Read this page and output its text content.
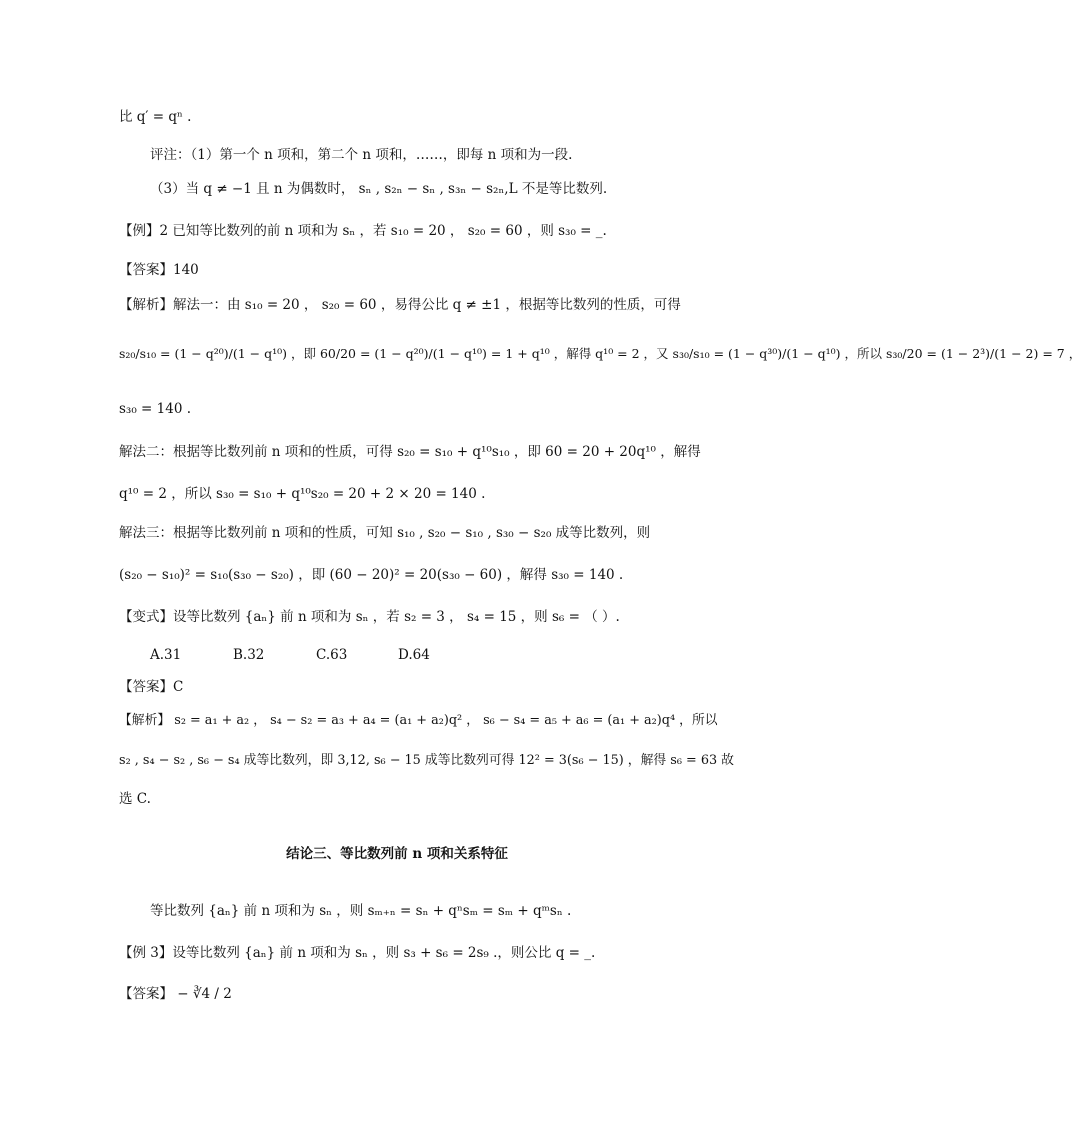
比 q′ = qⁿ .
评注：（1）第一个 n 项和，第二个 n 项和，……，即每 n 项和为一段.
（3）当 q ≠ −1 且 n 为偶数时， sₙ , s₂ₙ − sₙ , s₃ₙ − s₂ₙ,L 不是等比数列.
【例】2 已知等比数列的前 n 项和为 sₙ ，若 s₁₀ = 20 ， s₂₀ = 60 ，则 s₃₀ = _.
【答案】140
【解析】解法一：由 s₁₀ = 20 ， s₂₀ = 60 ，易得公比 q ≠ ±1 ，根据等比数列的性质，可得
s₂₀/s₁₀ = (1 − q²⁰)/(1 − q¹⁰) ，即 60/20 = (1 − q²⁰)/(1 − q¹⁰) = 1 + q¹⁰ ，解得 q¹⁰ = 2 ，又 s₃₀/s₁₀ = (1 − q³⁰)/(1 − q¹⁰) ，所以 s₃₀/20 = (1 − 2³)/(1 − 2) = 7 ，
s₃₀ = 140 .
解法二：根据等比数列前 n 项和的性质，可得 s₂₀ = s₁₀ + q¹⁰s₁₀ ，即 60 = 20 + 20q¹⁰ ，解得
q¹⁰ = 2 ，所以 s₃₀ = s₁₀ + q¹⁰s₂₀ = 20 + 2 × 20 = 140 .
解法三：根据等比数列前 n 项和的性质，可知 s₁₀ , s₂₀ − s₁₀ , s₃₀ − s₂₀ 成等比数列，则
(s₂₀ − s₁₀)² = s₁₀(s₃₀ − s₂₀) ，即 (60 − 20)² = 20(s₃₀ − 60) ，解得 s₃₀ = 140 .
【变式】设等比数列 {aₙ} 前 n 项和为 sₙ ，若 s₂ = 3 ， s₄ = 15 ，则 s₆ = （ ）.
A.31	B.32	C.63	D.64
【答案】C
【解析】 s₂ = a₁ + a₂ ， s₄ − s₂ = a₃ + a₄ = (a₁ + a₂)q² ， s₆ − s₄ = a₅ + a₆ = (a₁ + a₂)q⁴ ，所以
s₂ , s₄ − s₂ , s₆ − s₄ 成等比数列，即 3,12, s₆ − 15 成等比数列可得 12² = 3(s₆ − 15) ，解得 s₆ = 63 故
选 C.
结论三、等比数列前 n 项和关系特征
等比数列 {aₙ} 前 n 项和为 sₙ ，则 sₘ₊ₙ = sₙ + qⁿsₘ = sₘ + qᵐsₙ .
【例 3】设等比数列 {aₙ} 前 n 项和为 sₙ ，则 s₃ + s₆ = 2s₉ .，则公比 q = _.
【答案】 − ∛4 / 2
